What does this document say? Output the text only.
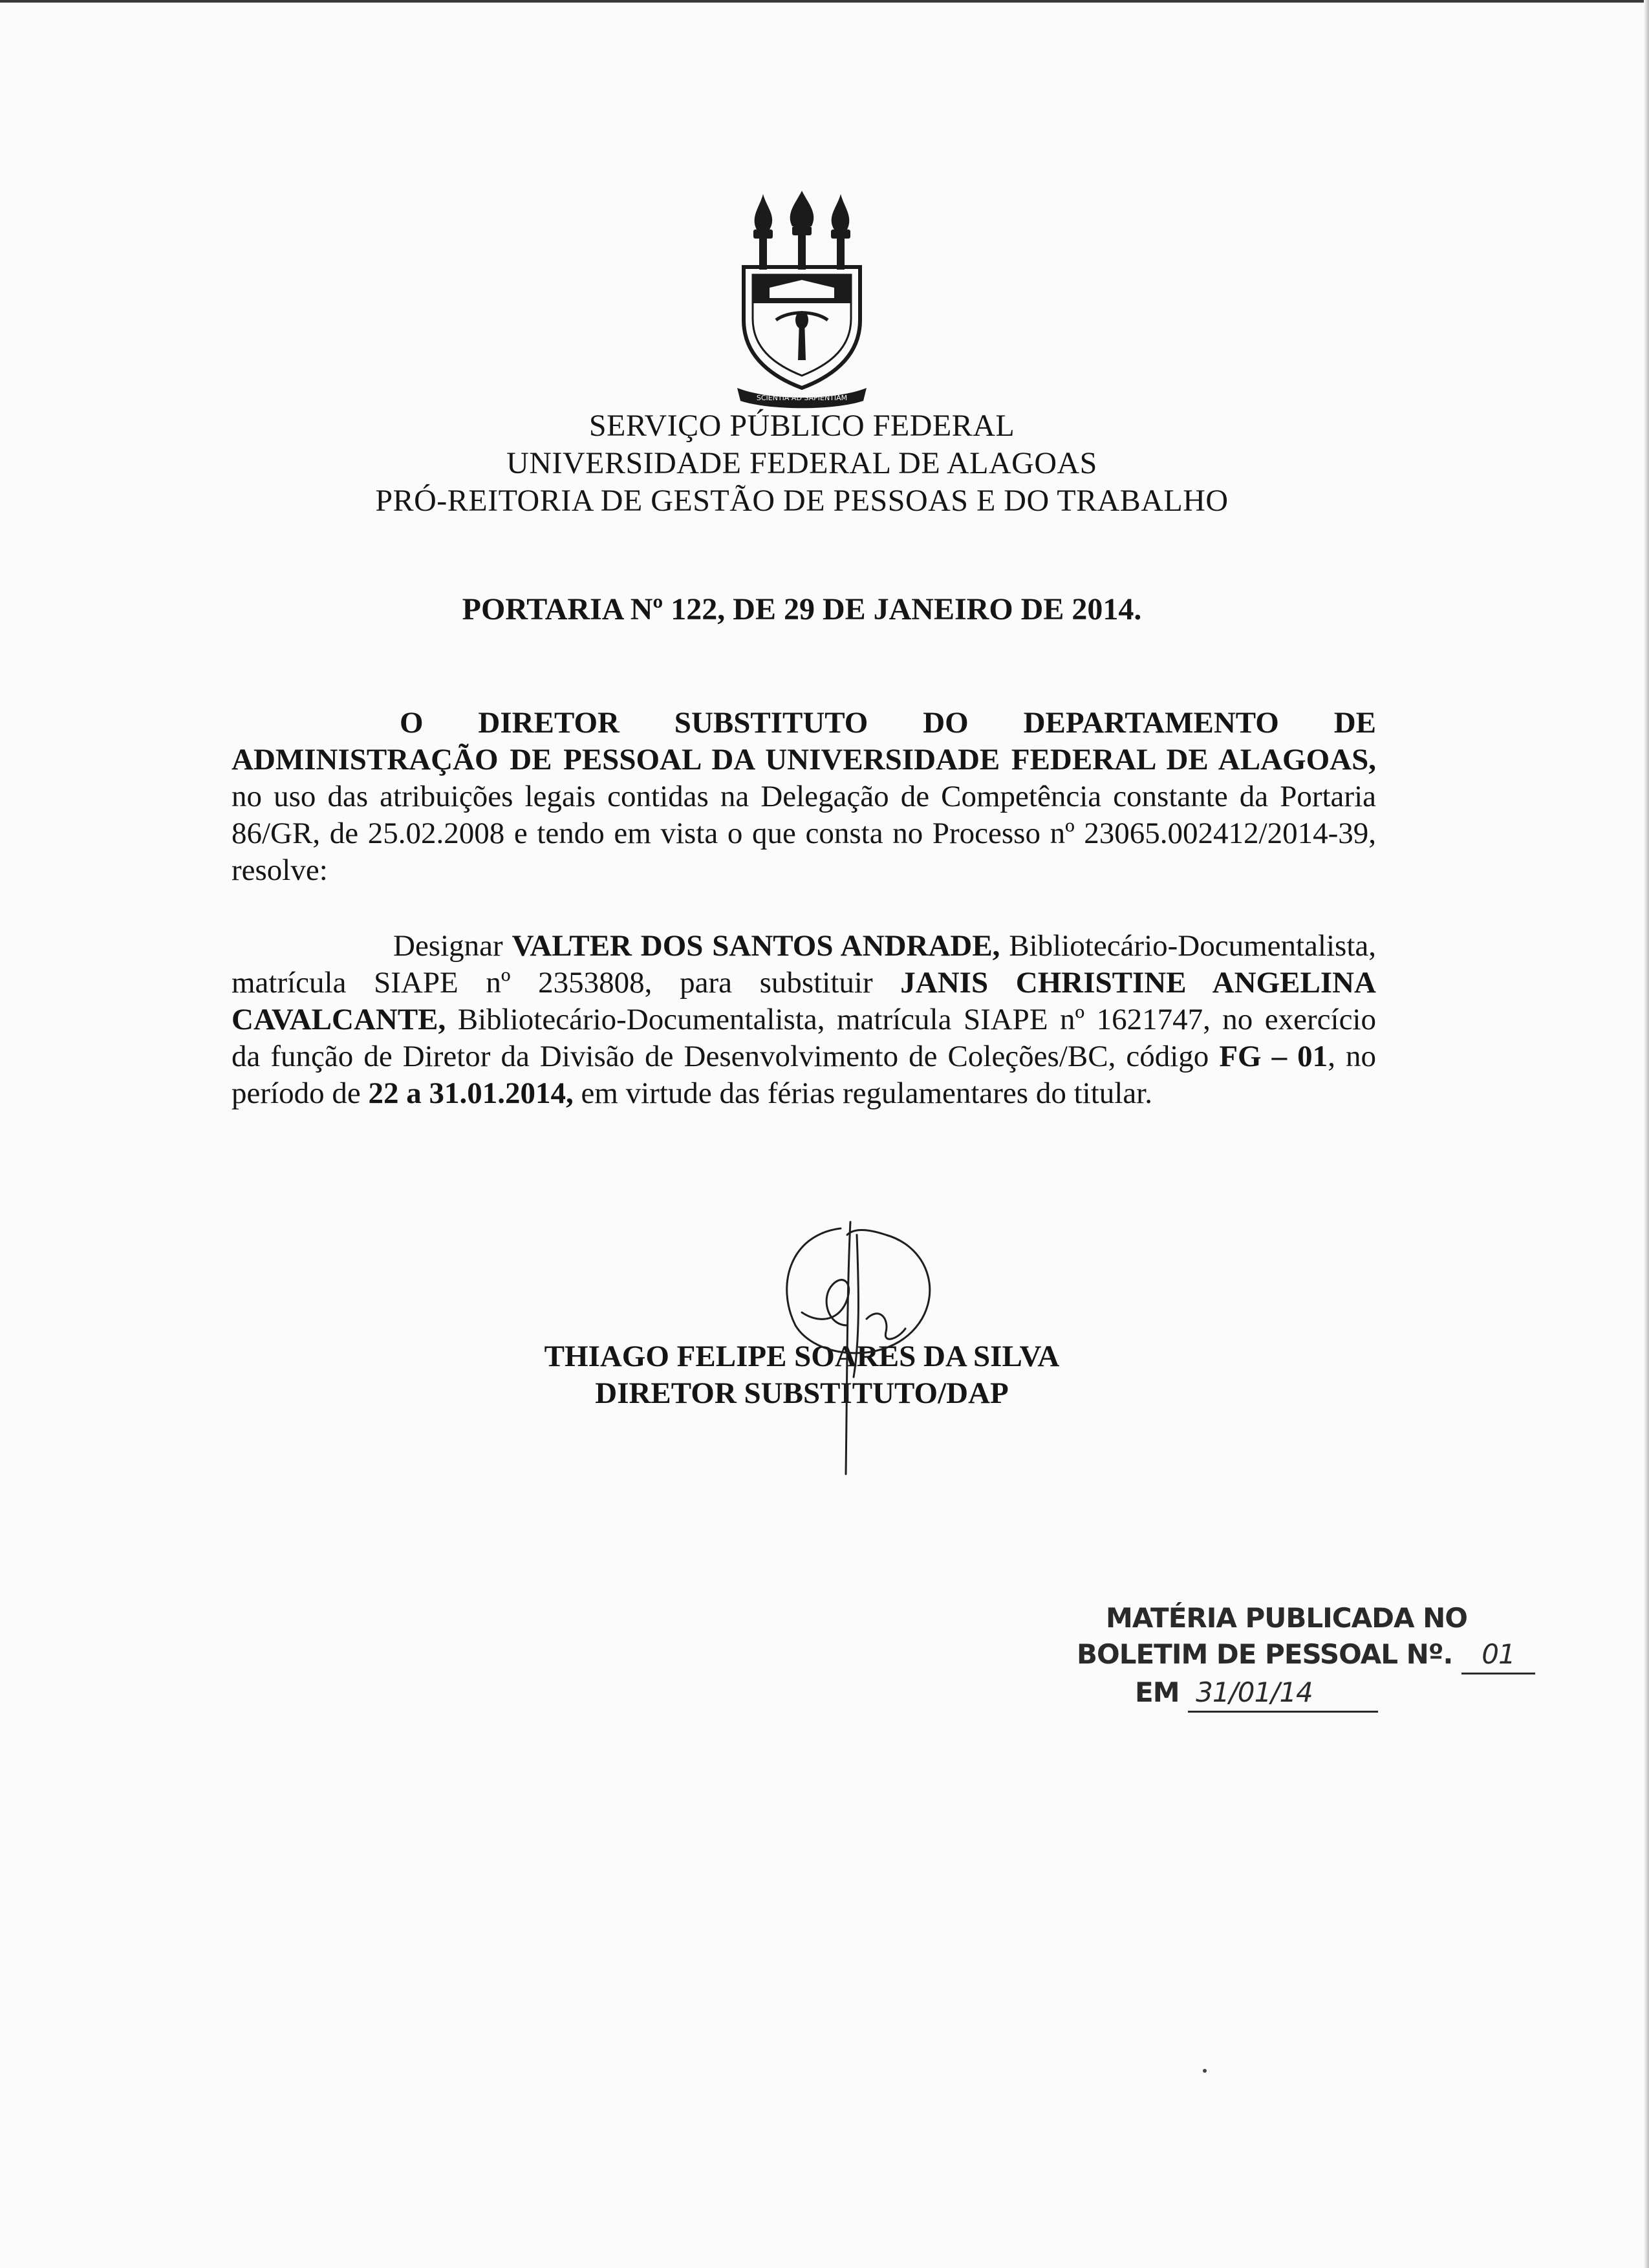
SCIENTIA AD SAPIENTIAM
SERVIÇO PÚBLICO FEDERAL
UNIVERSIDADE FEDERAL DE ALAGOAS
PRÓ-REITORIA DE GESTÃO DE PESSOAS E DO TRABALHO
PORTARIA Nº 122, DE 29 DE JANEIRO DE 2014.

O DIRETOR SUBSTITUTO DO DEPARTAMENTO DE ADMINISTRAÇÃO DE PESSOAL DA UNIVERSIDADE FEDERAL DE ALAGOAS, no uso das atribuições legais contidas na Delegação de Competência constante da Portaria 86/GR, de 25.02.2008 e tendo em vista o que consta no Processo nº 23065.002412/2014-39, resolve:

Designar VALTER DOS SANTOS ANDRADE, Bibliotecário-Documentalista, matrícula SIAPE nº 2353808, para substituir JANIS CHRISTINE ANGELINA CAVALCANTE, Bibliotecário-Documentalista, matrícula SIAPE nº 1621747, no exercício da função de Diretor da Divisão de Desenvolvimento de Coleções/BC, código FG – 01, no período de 22 a 31.01.2014, em virtude das férias regulamentares do titular.

THIAGO FELIPE SOARES DA SILVA
DIRETOR SUBSTITUTO/DAP
MATÉRIA PUBLICADA NO
BOLETIM DE PESSOAL Nº. 01
EM 31/01/14
